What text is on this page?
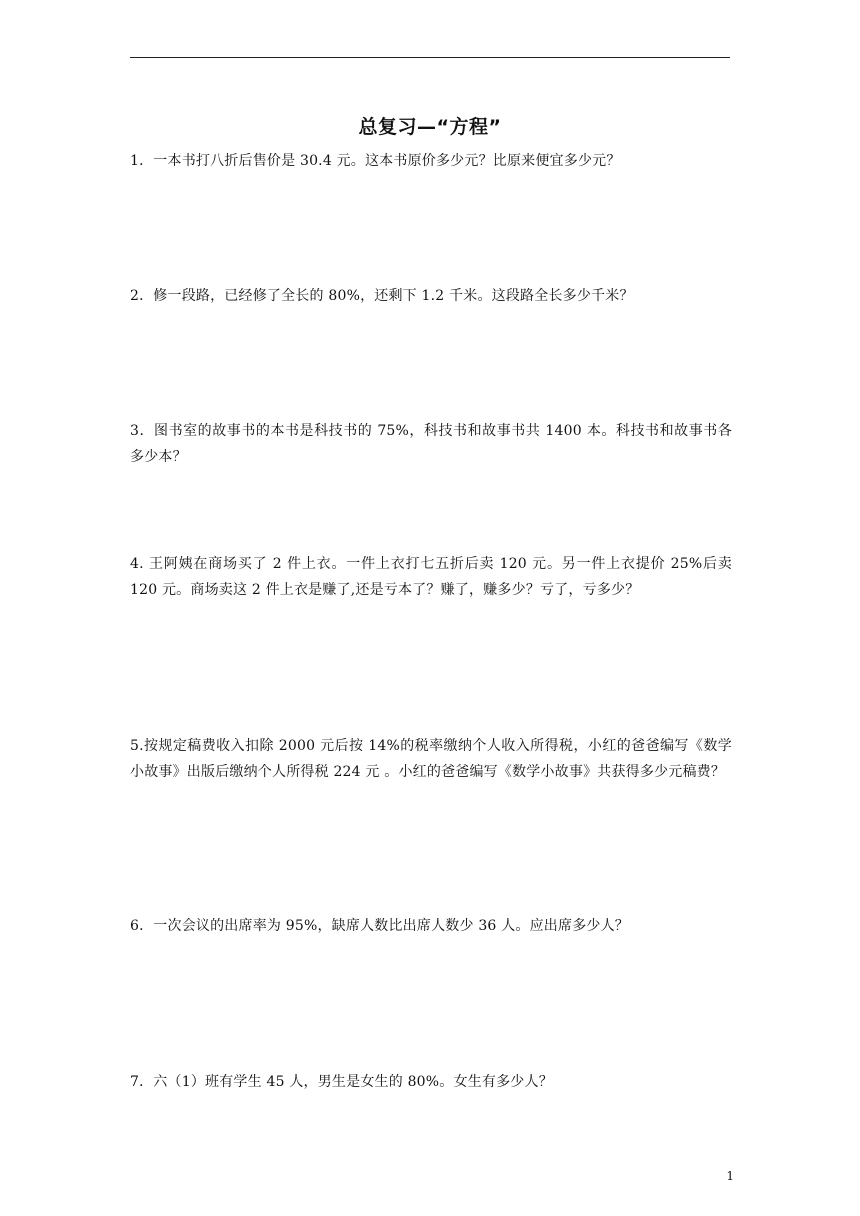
总复习—“方程”

1．一本书打八折后售价是 30.4 元。这本书原价多少元？比原来便宜多少元？

2．修一段路，已经修了全长的 80%，还剩下 1.2 千米。这段路全长多少千米？

3．图书室的故事书的本书是科技书的 75%，科技书和故事书共 1400 本。科技书和故事书各多少本？

4. 王阿姨在商场买了 2 件上衣。一件上衣打七五折后卖 120 元。另一件上衣提价 25%后卖 120 元。商场卖这 2 件上衣是赚了,还是亏本了？赚了，赚多少？亏了，亏多少？

5.按规定稿费收入扣除 2000 元后按 14%的税率缴纳个人收入所得税，小红的爸爸编写《数学小故事》出版后缴纳个人所得税 224 元 。小红的爸爸编写《数学小故事》共获得多少元稿费？

6．一次会议的出席率为 95%，缺席人数比出席人数少 36 人。应出席多少人？

7．六（1）班有学生 45 人，男生是女生的 80%。女生有多少人？

1
